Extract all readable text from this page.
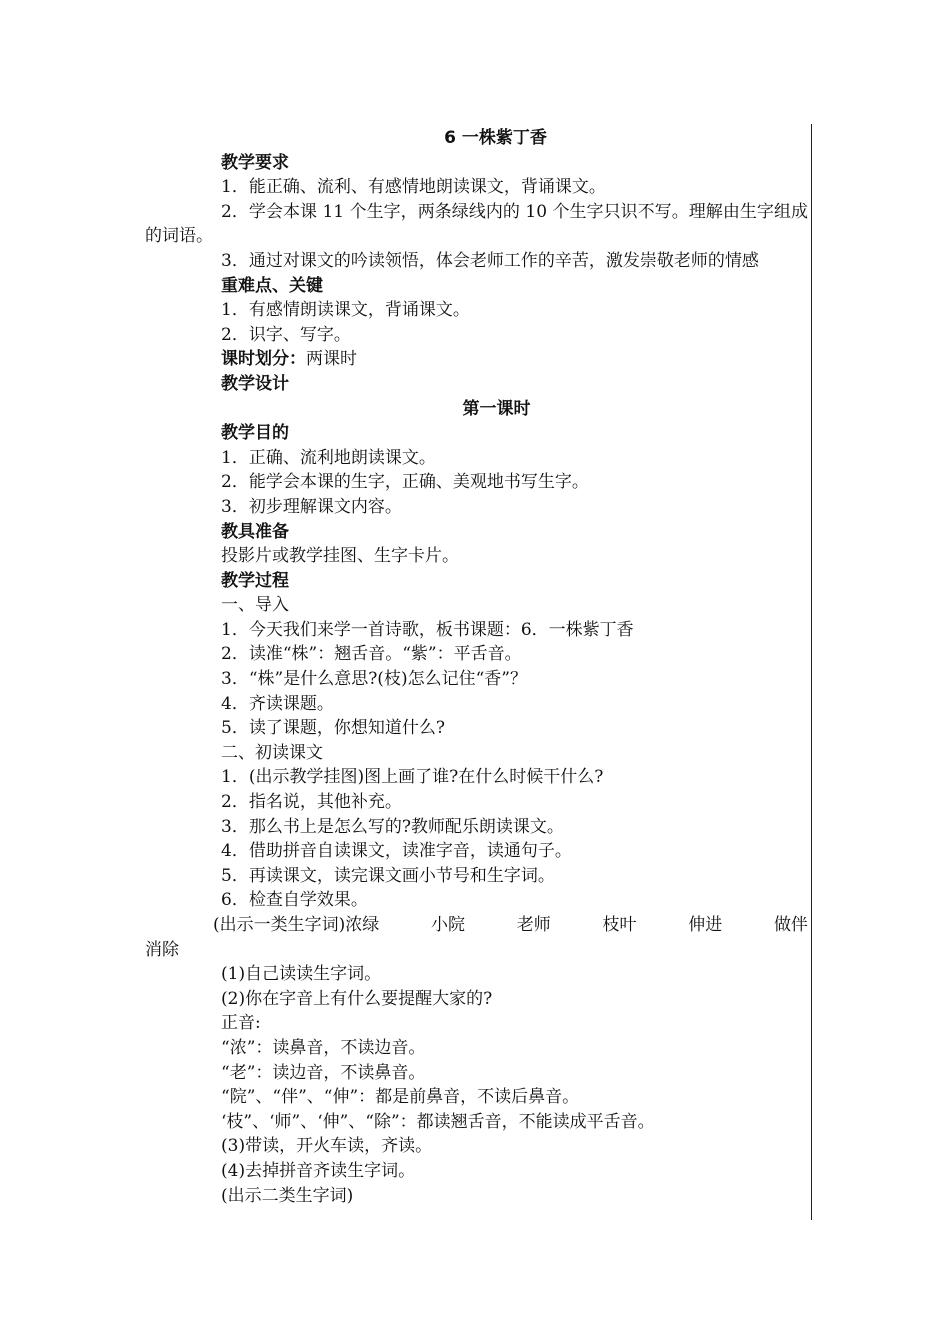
6 一株紫丁香
教学要求
1．能正确、流利、有感情地朗读课文，背诵课文。
2．学会本课 11 个生字，两条绿线内的 10 个生字只识不写。理解由生字组成的词语。
3．通过对课文的吟读领悟，体会老师工作的辛苦，激发崇敬老师的情感
重难点、关键
1．有感情朗读课文，背诵课文。
2．识字、写字。
课时划分：两课时
教学设计
第一课时
教学目的
1．正确、流利地朗读课文。
2．能学会本课的生字，正确、美观地书写生字。
3．初步理解课文内容。
教具准备
投影片或教学挂图、生字卡片。
教学过程
一、导入
1．今天我们来学一首诗歌，板书课题：6．一株紫丁香
2．读准“株”：翘舌音。“紫”：平舌音。
3．“株”是什么意思?(枝)怎么记住“香”？
4．齐读课题。
5．读了课题，你想知道什么?
二、初读课文
1．(出示教学挂图)图上画了谁?在什么时候干什么?
2．指名说，其他补充。
3．那么书上是怎么写的?教师配乐朗读课文。
4．借助拼音自读课文，读准字音，读通句子。
5．再读课文，读完课文画小节号和生字词。
6．检查自学效果。
(出示一类生字词)浓绿	小院	老师	枝叶	伸进	做伴
消除
(1)自己读读生字词。
(2)你在字音上有什么要提醒大家的?
正音:
“浓”：读鼻音，不读边音。
“老”：读边音，不读鼻音。
“院”、“伴”、“伸”：都是前鼻音，不读后鼻音。
‘枝”、‘师”、‘伸”、“除”：都读翘舌音，不能读成平舌音。
(3)带读，开火车读，齐读。
(4)去掉拼音齐读生字词。
(出示二类生字词)
